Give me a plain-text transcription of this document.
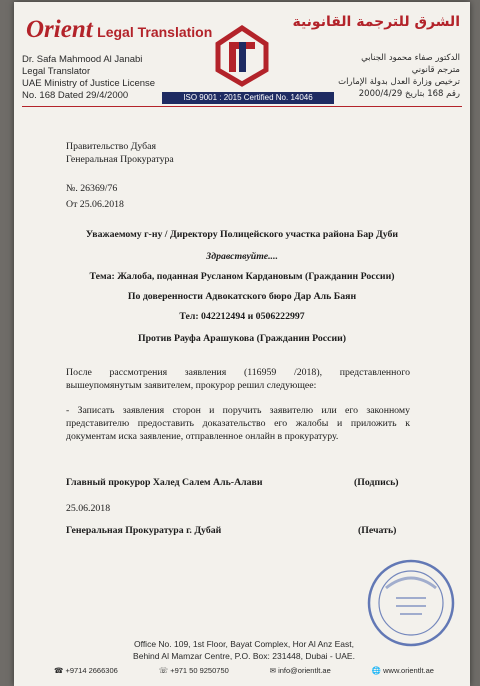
Orient Legal Translation
Dr. Safa Mahmood Al Janabi
Legal Translator
UAE Ministry of Justice License
No. 168 Dated 29/4/2000
الشرق للترجمة القانونية
الدكتور صفاء محمود الجنابي
مترجم قانوني
ترخيص وزارة العدل بدولة الإمارات
رقم 168 بتاريخ 2000/4/29
ISO 9001 : 2015 Certified No. 14046
Правительство Дубая
Генеральная Прокуратура
№. 26369/76
От 25.06.2018
Уважаемому г-ну / Директору Полицейского участка района Бар Дуби
Здравствуйте....
Тема: Жалоба, поданная Русланом Кардановым (Гражданин России)
По доверенности Адвокатского бюро Дар Аль Баян
Тел: 042212494 и 0506222997
Против Рауфа Арашукова (Гражданин России)
После рассмотрения заявления (116959 /2018), представленного вышеупомянутым заявителем, прокурор решил следующее:
- Записать заявления сторон и поручить заявителю или его законному представителю предоставить доказательство его жалобы и приложить к документам иска заявление, отправленное онлайн в прокуратуру.
Главный прокурор Халед Салем Аль-Алави	(Подпись)
25.06.2018
Генеральная Прокуратура г. Дубай	(Печать)
Office No. 109, 1st Floor, Bayat Complex, Hor Al Anz East,
Behind Al Mamzar Centre, P.O. Box: 231448, Dubai - UAE.
☎ +9714 2666306	☏ +971 50 9250750	✉ info@orientlt.ae	🌐 www.orientlt.ae
